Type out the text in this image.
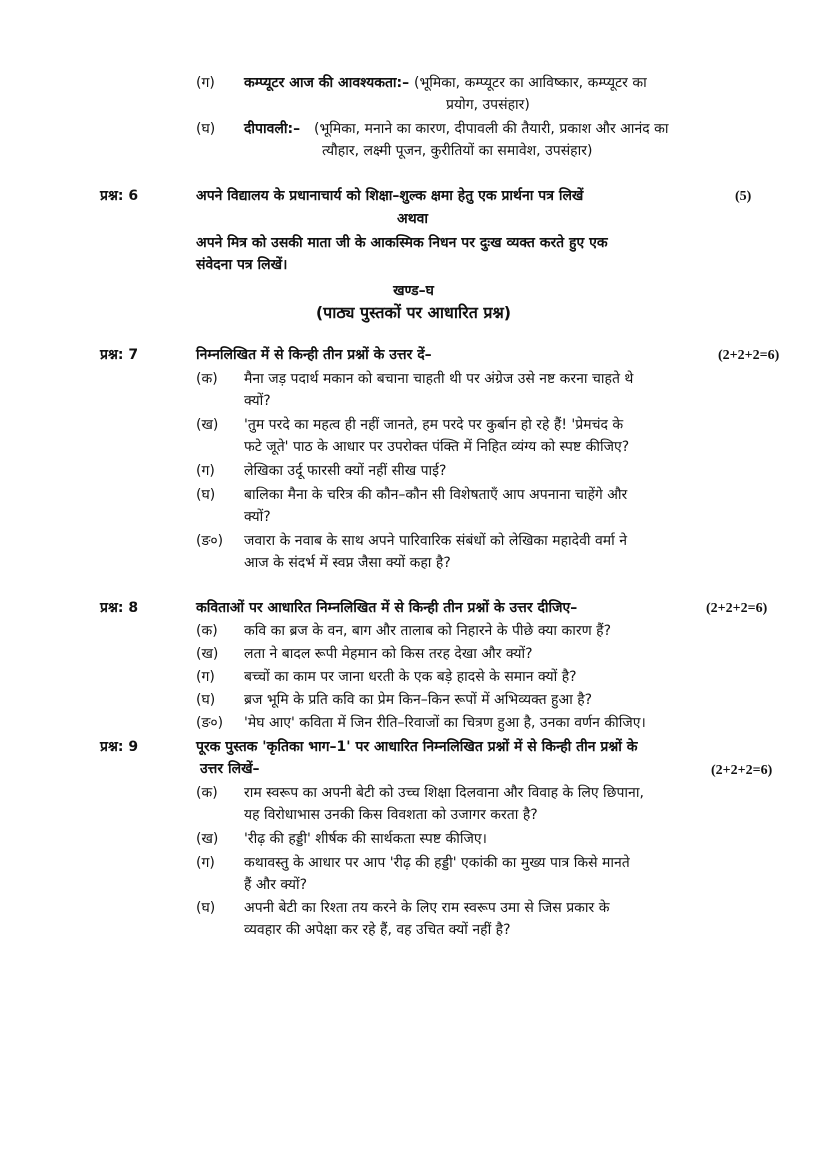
(ग) कम्प्यूटर आज की आवश्यकता:– (भूमिका, कम्प्यूटर का आविष्कार, कम्प्यूटर का
प्रयोग, उपसंहार)
(घ) दीपावली:– (भूमिका, मनाने का कारण, दीपावली की तैयारी, प्रकाश और आनंद का
त्यौहार, लक्ष्मी पूजन, कुरीतियों का समावेश, उपसंहार)
प्रश्न: 6	अपने विद्यालय के प्रधानाचार्य को शिक्षा–शुल्क क्षमा हेतु एक प्रार्थना पत्र लिखें	(5)
अथवा
अपने मित्र को उसकी माता जी के आकस्मिक निधन पर दुःख व्यक्त करते हुए एक
संवेदना पत्र लिखें।
खण्ड–घ
(पाठ्य पुस्तकों पर आधारित प्रश्न)
प्रश्न: 7	निम्नलिखित में से किन्ही तीन प्रश्नों के उत्तर दें–	(2+2+2=6)
(क) मैना जड़ पदार्थ मकान को बचाना चाहती थी पर अंग्रेज उसे नष्ट करना चाहते थे
क्यों?
(ख) 'तुम परदे का महत्व ही नहीं जानते, हम परदे पर कुर्बान हो रहे हैं! 'प्रेमचंद के
फटे जूते' पाठ के आधार पर उपरोक्त पंक्ति में निहित व्यंग्य को स्पष्ट कीजिए?
(ग) लेखिका उर्दू फारसी क्यों नहीं सीख पाई?
(घ) बालिका मैना के चरित्र की कौन–कौन सी विशेषताएँ आप अपनाना चाहेंगे और
क्यों?
(ङ०) जवारा के नवाब के साथ अपने पारिवारिक संबंधों को लेखिका महादेवी वर्मा ने
आज के संदर्भ में स्वप्न जैसा क्यों कहा है?
प्रश्न: 8	कविताओं पर आधारित निम्नलिखित में से किन्ही तीन प्रश्नों के उत्तर दीजिए–	(2+2+2=6)
(क) कवि का ब्रज के वन, बाग और तालाब को निहारने के पीछे क्या कारण हैं?
(ख) लता ने बादल रूपी मेहमान को किस तरह देखा और क्यों?
(ग) बच्चों का काम पर जाना धरती के एक बड़े हादसे के समान क्यों है?
(घ) ब्रज भूमि के प्रति कवि का प्रेम किन–किन रूपों में अभिव्यक्त हुआ है?
(ङ०) 'मेघ आए' कविता में जिन रीति–रिवाजों का चित्रण हुआ है, उनका वर्णन कीजिए।
प्रश्न: 9	पूरक पुस्तक 'कृतिका भाग–1' पर आधारित निम्नलिखित प्रश्नों में से किन्ही तीन प्रश्नों के
उत्तर लिखें–	(2+2+2=6)
(क) राम स्वरूप का अपनी बेटी को उच्च शिक्षा दिलवाना और विवाह के लिए छिपाना,
यह विरोधाभास उनकी किस विवशता को उजागर करता है?
(ख) 'रीढ़ की हड्डी' शीर्षक की सार्थकता स्पष्ट कीजिए।
(ग) कथावस्तु के आधार पर आप 'रीढ़ की हड्डी' एकांकी का मुख्य पात्र किसे मानते
हैं और क्यों?
(घ) अपनी बेटी का रिश्ता तय करने के लिए राम स्वरूप उमा से जिस प्रकार के
व्यवहार की अपेक्षा कर रहे हैं, वह उचित क्यों नहीं है?
